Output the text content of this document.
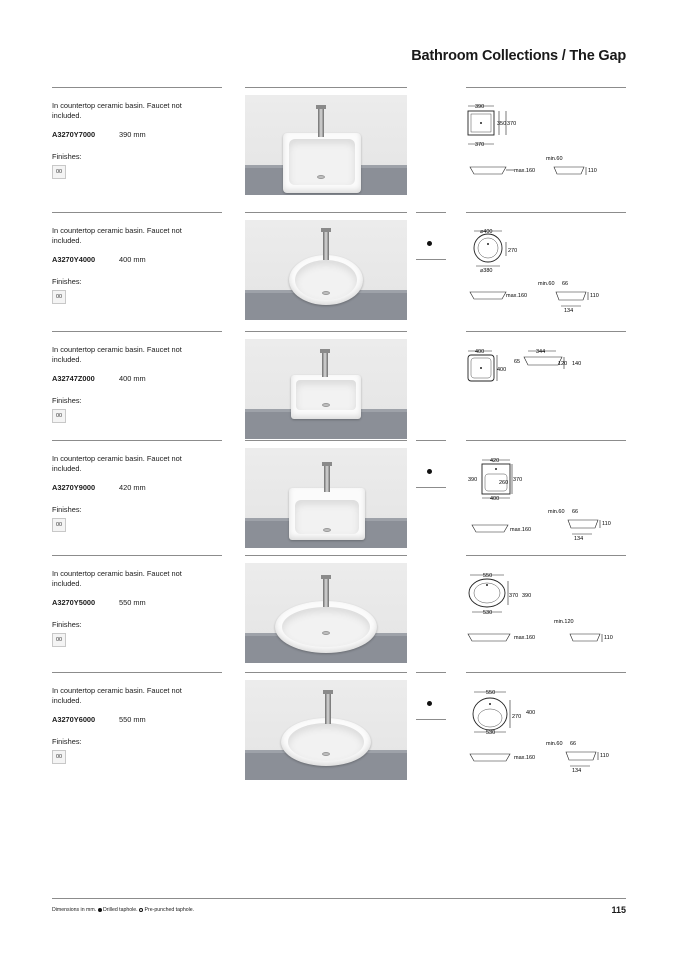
Bathroom Collections / The Gap
In countertop ceramic basin. Faucet not included.
A3270Y7000	390 mm
Finishes:
00
390
350 370
370
max.160
min.60
110
In countertop ceramic basin. Faucet not included.
A3270Y4000	400 mm
Finishes:
00
⌀400
270
⌀380
max.160
min.60 66
110
134
In countertop ceramic basin. Faucet not included.
A32747Z000	400 mm
Finishes:
00
400
400
344
65	120 140
In countertop ceramic basin. Faucet not included.
A3270Y9000	420 mm
Finishes:
00
420
390	260 370
400
max.160
min.60 66
110
134
In countertop ceramic basin. Faucet not included.
A3270Y5000	550 mm
Finishes:
00
550
370 390
530
max.160
min.120
110
In countertop ceramic basin. Faucet not included.
A3270Y6000	550 mm
Finishes:
00
550
270
400
530
max.160
min.60 66
110
134
Dimensions in mm. Drilled taphole. Pre-punched taphole.	115
